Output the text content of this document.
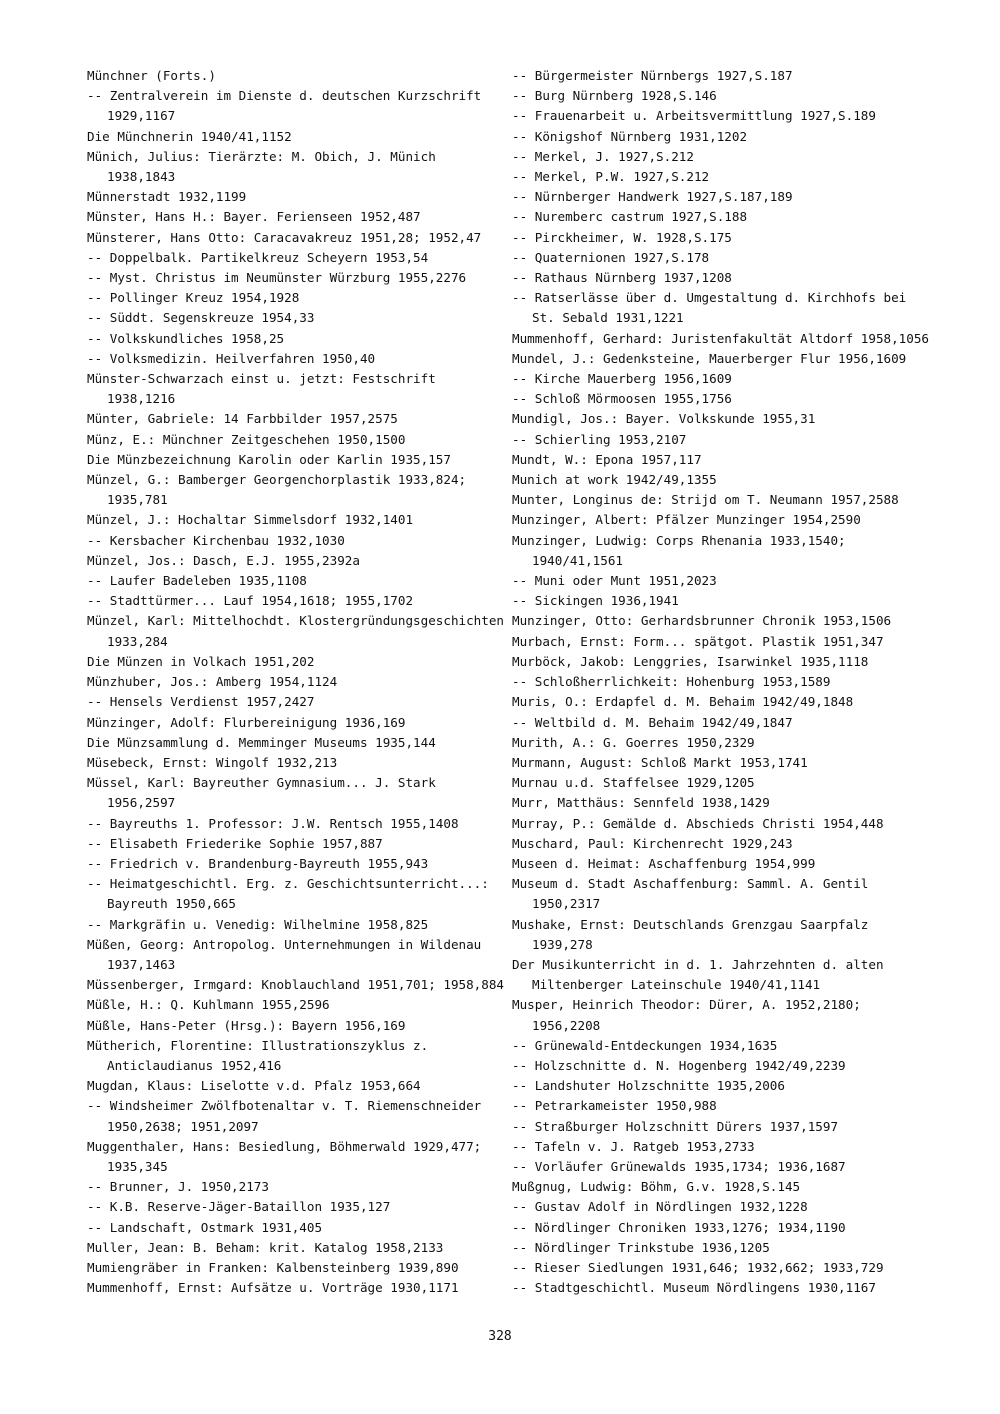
Münchner (Forts.)
-- Zentralverein im Dienste d. deutschen Kurzschrift
1929,1167
Die Münchnerin 1940/41,1152
Münich, Julius: Tierärzte: M. Obich, J. Münich
1938,1843
Münnerstadt 1932,1199
Münster, Hans H.: Bayer. Ferienseen 1952,487
Münsterer, Hans Otto: Caracavakreuz 1951,28; 1952,47
-- Doppelbalk. Partikelkreuz Scheyern 1953,54
-- Myst. Christus im Neumünster Würzburg 1955,2276
-- Pollinger Kreuz 1954,1928
-- Süddt. Segenskreuze 1954,33
-- Volkskundliches 1958,25
-- Volksmedizin. Heilverfahren 1950,40
Münster-Schwarzach einst u. jetzt: Festschrift
1938,1216
Münter, Gabriele: 14 Farbbilder 1957,2575
Münz, E.: Münchner Zeitgeschehen 1950,1500
Die Münzbezeichnung Karolin oder Karlin 1935,157
Münzel, G.: Bamberger Georgenchorplastik 1933,824;
1935,781
Münzel, J.: Hochaltar Simmelsdorf 1932,1401
-- Kersbacher Kirchenbau 1932,1030
Münzel, Jos.: Dasch, E.J. 1955,2392a
-- Laufer Badeleben 1935,1108
-- Stadttürmer... Lauf 1954,1618; 1955,1702
Münzel, Karl: Mittelhochdt. Klostergründungsgeschichten
1933,284
Die Münzen in Volkach 1951,202
Münzhuber, Jos.: Amberg 1954,1124
-- Hensels Verdienst 1957,2427
Münzinger, Adolf: Flurbereinigung 1936,169
Die Münzsammlung d. Memminger Museums 1935,144
Müsebeck, Ernst: Wingolf 1932,213
Müssel, Karl: Bayreuther Gymnasium... J. Stark
1956,2597
-- Bayreuths 1. Professor: J.W. Rentsch 1955,1408
-- Elisabeth Friederike Sophie 1957,887
-- Friedrich v. Brandenburg-Bayreuth 1955,943
-- Heimatgeschichtl. Erg. z. Geschichtsunterricht...:
Bayreuth 1950,665
-- Markgräfin u. Venedig: Wilhelmine 1958,825
Müßen, Georg: Antropolog. Unternehmungen in Wildenau
1937,1463
Müssenberger, Irmgard: Knoblauchland 1951,701; 1958,884
Müßle, H.: Q. Kuhlmann 1955,2596
Müßle, Hans-Peter (Hrsg.): Bayern 1956,169
Mütherich, Florentine: Illustrationszyklus z.
Anticlaudianus 1952,416
Mugdan, Klaus: Liselotte v.d. Pfalz 1953,664
-- Windsheimer Zwölfbotenaltar v. T. Riemenschneider
1950,2638; 1951,2097
Muggenthaler, Hans: Besiedlung, Böhmerwald 1929,477;
1935,345
-- Brunner, J. 1950,2173
-- K.B. Reserve-Jäger-Bataillon 1935,127
-- Landschaft, Ostmark 1931,405
Muller, Jean: B. Beham: krit. Katalog 1958,2133
Mumiengräber in Franken: Kalbensteinberg 1939,890
Mummenhoff, Ernst: Aufsätze u. Vorträge 1930,1171
-- Bürgermeister Nürnbergs 1927,S.187
-- Burg Nürnberg 1928,S.146
-- Frauenarbeit u. Arbeitsvermittlung 1927,S.189
-- Königshof Nürnberg 1931,1202
-- Merkel, J. 1927,S.212
-- Merkel, P.W. 1927,S.212
-- Nürnberger Handwerk 1927,S.187,189
-- Nuremberc castrum 1927,S.188
-- Pirckheimer, W. 1928,S.175
-- Quaternionen 1927,S.178
-- Rathaus Nürnberg 1937,1208
-- Ratserlässe über d. Umgestaltung d. Kirchhofs bei
St. Sebald 1931,1221
Mummenhoff, Gerhard: Juristenfakultät Altdorf 1958,1056
Mundel, J.: Gedenksteine, Mauerberger Flur 1956,1609
-- Kirche Mauerberg 1956,1609
-- Schloß Mörmoosen 1955,1756
Mundigl, Jos.: Bayer. Volkskunde 1955,31
-- Schierling 1953,2107
Mundt, W.: Epona 1957,117
Munich at work 1942/49,1355
Munter, Longinus de: Strijd om T. Neumann 1957,2588
Munzinger, Albert: Pfälzer Munzinger 1954,2590
Munzinger, Ludwig: Corps Rhenania 1933,1540;
1940/41,1561
-- Muni oder Munt 1951,2023
-- Sickingen 1936,1941
Munzinger, Otto: Gerhardsbrunner Chronik 1953,1506
Murbach, Ernst: Form... spätgot. Plastik 1951,347
Murböck, Jakob: Lenggries, Isarwinkel 1935,1118
-- Schloßherrlichkeit: Hohenburg 1953,1589
Muris, O.: Erdapfel d. M. Behaim 1942/49,1848
-- Weltbild d. M. Behaim 1942/49,1847
Murith, A.: G. Goerres 1950,2329
Murmann, August: Schloß Markt 1953,1741
Murnau u.d. Staffelsee 1929,1205
Murr, Matthäus: Sennfeld 1938,1429
Murray, P.: Gemälde d. Abschieds Christi 1954,448
Muschard, Paul: Kirchenrecht 1929,243
Museen d. Heimat: Aschaffenburg 1954,999
Museum d. Stadt Aschaffenburg: Samml. A. Gentil
1950,2317
Mushake, Ernst: Deutschlands Grenzgau Saarpfalz
1939,278
Der Musikunterricht in d. 1. Jahrzehnten d. alten
Miltenberger Lateinschule 1940/41,1141
Musper, Heinrich Theodor: Dürer, A. 1952,2180;
1956,2208
-- Grünewald-Entdeckungen 1934,1635
-- Holzschnitte d. N. Hogenberg 1942/49,2239
-- Landshuter Holzschnitte 1935,2006
-- Petrarkameister 1950,988
-- Straßburger Holzschnitt Dürers 1937,1597
-- Tafeln v. J. Ratgeb 1953,2733
-- Vorläufer Grünewalds 1935,1734; 1936,1687
Mußgnug, Ludwig: Böhm, G.v. 1928,S.145
-- Gustav Adolf in Nördlingen 1932,1228
-- Nördlinger Chroniken 1933,1276; 1934,1190
-- Nördlinger Trinkstube 1936,1205
-- Rieser Siedlungen 1931,646; 1932,662; 1933,729
-- Stadtgeschichtl. Museum Nördlingens 1930,1167
328
